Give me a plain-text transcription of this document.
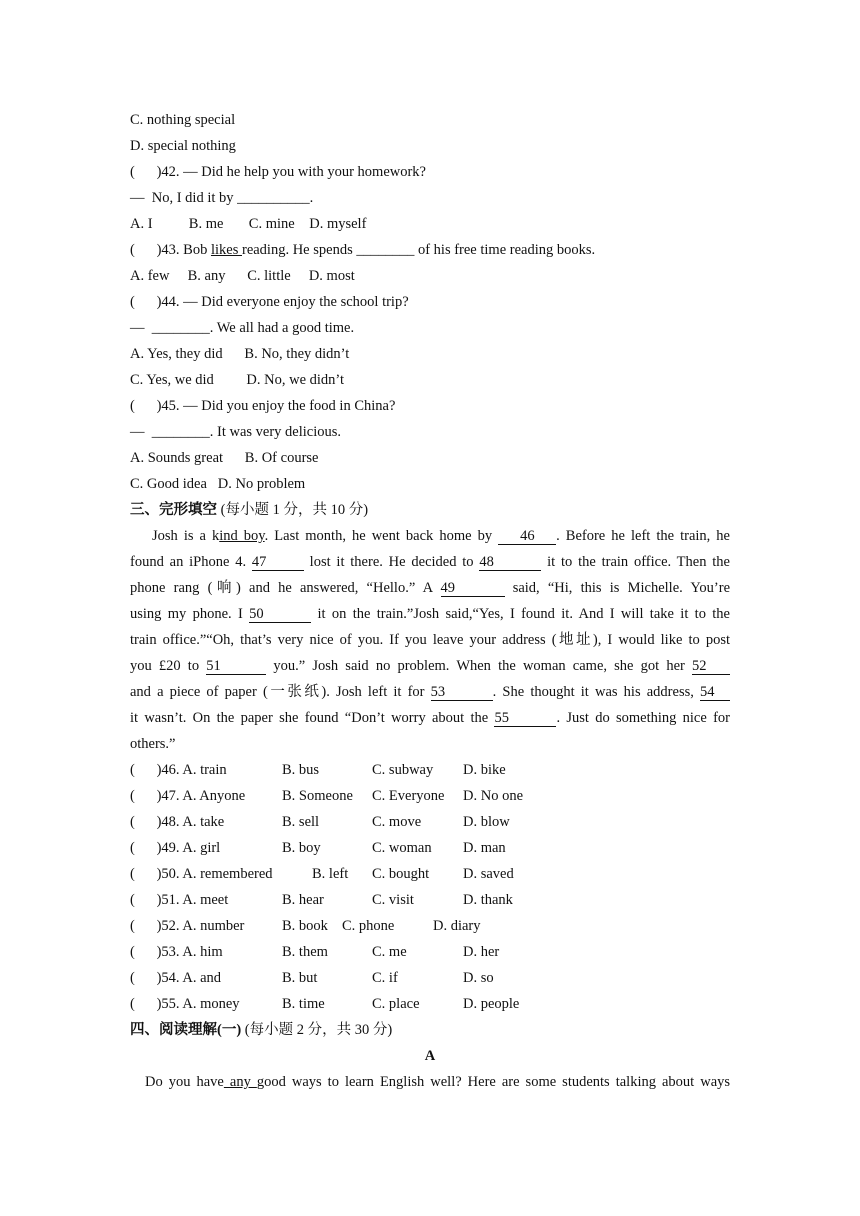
C. nothing special
D. special nothing
(      )42. — Did he help you with your homework?
—  No, I did it by __________.
A. I          B. me       C. mine    D. myself
(      )43. Bob likes reading. He spends ________ of his free time reading books.
A. few     B. any      C. little     D. most
(      )44. — Did everyone enjoy the school trip?
—  ________. We all had a good time.
A. Yes, they did      B. No, they didn’t
C. Yes, we did         D. No, we didn’t
(      )45. — Did you enjoy the food in China?
—  ________. It was very delicious.
A. Sounds great      B. Of course
C. Good idea   D. No problem
三、完形填空 (每小题 1 分，共 10 分)
Josh is a kind boy. Last month, he went back home by 46 . Before he left the train, he
found an iPhone 4. 47	lost it there. He decided to 48	it to the train office. Then the
phone rang (响) and he answered, “Hello.” A 49	said, “Hi, this is Michelle. You’re
using my phone. I 50	it on the train.”Josh said,“Yes, I found it. And I will take it to the
train office.”“Oh, that’s very nice of you. If you leave your address (地址), I would like to post
you £20 to 51	you.” Josh said no problem. When the woman came, she got her 52
and a piece of paper (一张纸). Josh left it for 53	. She thought it was his address, 54
it wasn’t. On the paper she found “Don’t worry about the 55	. Just do something nice for
others.”
(      )46. A. train	B. bus	C. subway D. bike
(      )47. A. Anyone	B. Someone C. Everyone D. No one
(      )48. A. take	B. sell	C. move	D. blow
(      )49. A. girl	B. boy	C. woman D. man
(      )50. A. remembered	B. left C. bought D. saved
(      )51. A. meet	B. hear	C. visit	D. thank
(      )52. A. number	B. book C. phone	D. diary
(      )53. A. him	B. them	C. me	D. her
(      )54. A. and	B. but	C. if	D. so
(      )55. A. money	B. time	C. place	D. people
四、阅读理解(一) (每小题 2 分，共 30 分)
A
Do you have any good ways to learn English well? Here are some students talking about ways
